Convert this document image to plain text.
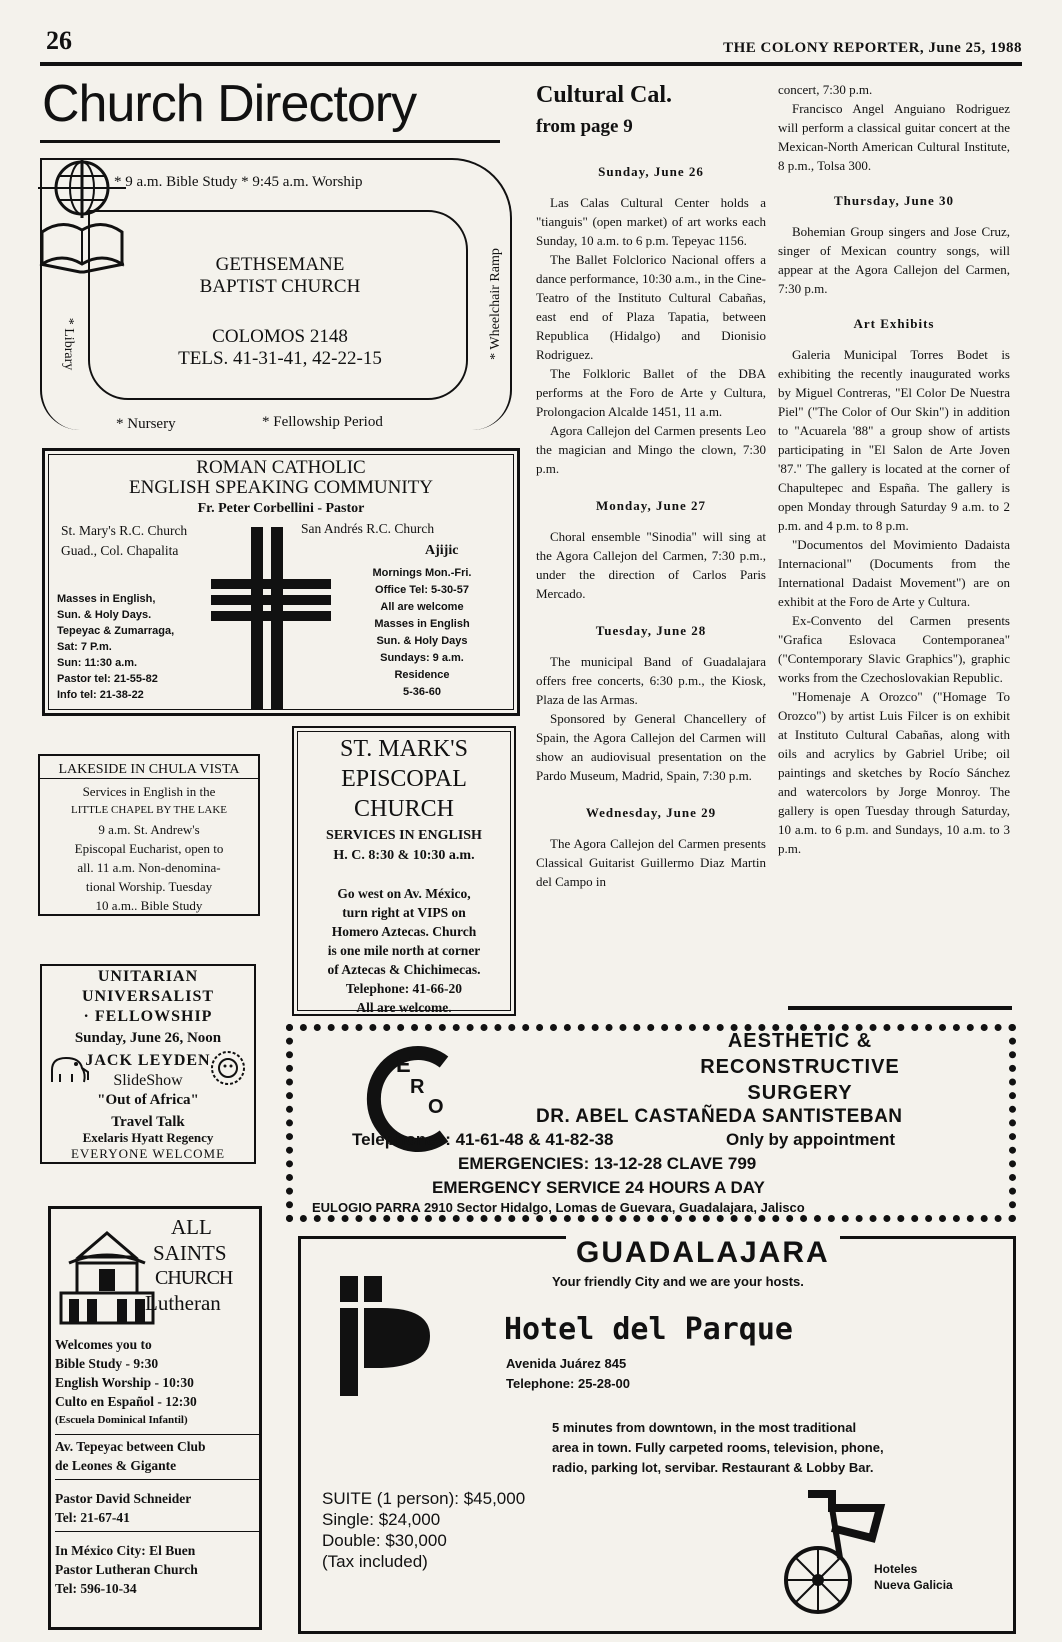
26	THE COLONY REPORTER, June 25, 1988
Church Directory
* 9 a.m. Bible Study * 9:45 a.m. Worship
GETHSEMANE
BAPTIST CHURCH
COLOMOS 2148
TELS. 41-31-41, 42-22-15
* Library	* Wheelchair Ramp
* Nursery	* Fellowship Period
ROMAN CATHOLIC
ENGLISH SPEAKING COMMUNITY
Fr. Peter Corbellini - Pastor
St. Mary's R.C. Church
Guad., Col. Chapalita
San Andrés R.C. Church
Ajijic
Masses in English,
Sun. & Holy Days.
Tepeyac & Zumarraga,
Sat: 7 P.m.
Sun: 11:30 a.m.
Pastor tel: 21-55-82
Info tel: 21-38-22
Mornings Mon.-Fri.
Office Tel: 5-30-57
All are welcome
Masses in English
Sun. & Holy Days
Sundays: 9 a.m.
Residence
5-36-60
LAKESIDE IN CHULA VISTA
Services in English in the
LITTLE CHAPEL BY THE LAKE
9 a.m. St. Andrew's
Episcopal Eucharist, open to
all. 11 a.m. Non-denomina-
tional Worship. Tuesday
10 a.m.. Bible Study
ST. MARK'S
EPISCOPAL
CHURCH
SERVICES IN ENGLISH
H. C. 8:30 & 10:30 a.m.
Go west on Av. México,
turn right at VIPS on
Homero Aztecas. Church
is one mile north at corner
of Aztecas & Chichimecas.
Telephone: 41-66-20
All are welcome.
UNITARIAN
UNIVERSALIST
· FELLOWSHIP
Sunday, June 26, Noon
JACK LEYDEN
SlideShow
"Out of Africa"
Travel Talk
Exelaris Hyatt Regency
EVERYONE WELCOME
ALL
SAINTS
CHURCH
Lutheran
Welcomes you to
Bible Study - 9:30
English Worship - 10:30
Culto en Español - 12:30
(Escuela Dominical Infantil)
Av. Tepeyac between Club
de Leones & Gigante
Pastor David Schneider
Tel: 21-67-41
In México City: El Buen
Pastor Lutheran Church
Tel: 596-10-34
Cultural Cal.
from page 9

Sunday, June 26

Las Calas Cultural Center holds a "tianguis" (open market) of art works each Sunday, 10 a.m. to 6 p.m. Tepeyac 1156.

The Ballet Folclorico Nacional offers a dance performance, 10:30 a.m., in the Cine-Teatro of the Instituto Cultural Cabañas, east end of Plaza Tapatia, between Republica (Hidalgo) and Dionisio Rodriguez.

The Folkloric Ballet of the DBA performs at the Foro de Arte y Cultura, Prolongacion Alcalde 1451, 11 a.m.

Agora Callejon del Carmen presents Leo the magician and Mingo the clown, 7:30 p.m.

Monday, June 27

Choral ensemble "Sinodia" will sing at the Agora Callejon del Carmen, 7:30 p.m., under the direction of Carlos Paris Mercado.

Tuesday, June 28

The municipal Band of Guadalajara offers free concerts, 6:30 p.m., the Kiosk, Plaza de las Armas.

Sponsored by General Chancellery of Spain, the Agora Callejon del Carmen will show an audiovisual presentation on the Pardo Museum, Madrid, Spain, 7:30 p.m.

Wednesday, June 29

The Agora Callejon del Carmen presents Classical Guitarist Guillermo Diaz Martin del Campo in

concert, 7:30 p.m.

Francisco Angel Anguiano Rodriguez will perform a classical guitar concert at the Mexican-North American Cultural Institute, 8 p.m., Tolsa 300.

Thursday, June 30

Bohemian Group singers and Jose Cruz, singer of Mexican country songs, will appear at the Agora Callejon del Carmen, 7:30 p.m.

Art Exhibits

Galeria Municipal Torres Bodet is exhibiting the recently inaugurated works by Miguel Contreras, "El Color De Nuestra Piel" ("The Color of Our Skin") in addition to "Acuarela '88" a group show of artists participating in "El Salon de Arte Joven '87." The gallery is located at the corner of Chapultepec and España. The gallery is open Monday through Saturday 9 a.m. to 2 p.m. and 4 p.m. to 8 p.m.

"Documentos del Movimiento Dadaista Internacional" (Documents from the International Dadaist Movement") are on exhibit at the Foro de Arte y Cultura.

Ex-Convento del Carmen presents "Grafica Eslovaca Contemporanea" ("Contemporary Slavic Graphics"), graphic works from the Czechoslovakian Republic.

"Homenaje A Orozco" ("Homage To Orozco") by artist Luis Filcer is on exhibit at Instituto Cultural Cabañas, along with oils and acrylics by Gabriel Uribe; oil paintings and sketches by Rocío Sánchez and watercolors by Jorge Monroy. The gallery is open Tuesday through Saturday, 10 a.m. to 6 p.m. and Sundays, 10 a.m. to 3 p.m.

E
R
O
AESTHETIC &
RECONSTRUCTIVE
SURGERY
DR. ABEL CASTAÑEDA SANTISTEBAN
Telephones: 41-61-48 & 41-82-38	Only by appointment
EMERGENCIES: 13-12-28 CLAVE 799
EMERGENCY SERVICE 24 HOURS A DAY
EULOGIO PARRA 2910 Sector Hidalgo, Lomas de Guevara, Guadalajara, Jalisco
GUADALAJARA
Your friendly City and we are your hosts.
Hotel del Parque
Avenida Juárez 845
Telephone: 25-28-00
5 minutes from downtown, in the most traditional
area in town. Fully carpeted rooms, television, phone,
radio, parking lot, servibar. Restaurant & Lobby Bar.
SUITE (1 person): $45,000
Single: $24,000
Double: $30,000
(Tax included)	Hoteles
Nueva Galicia
